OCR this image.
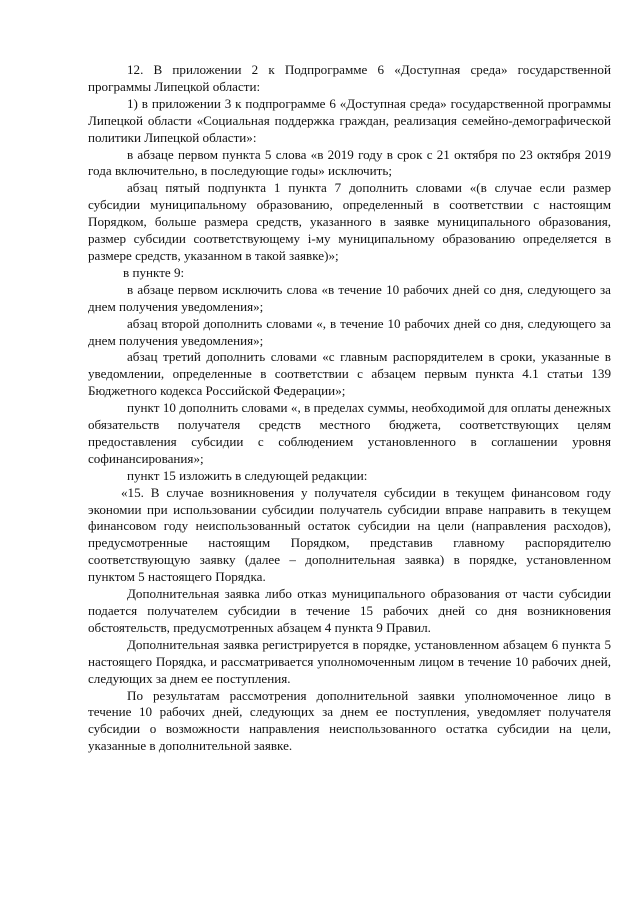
12. В приложении 2 к Подпрограмме 6 «Доступная среда» государственной программы Липецкой области:

1) в приложении 3 к подпрограмме 6 «Доступная среда» государственной программы Липецкой области «Социальная поддержка граждан, реализация семейно-демографической политики Липецкой области»:

в абзаце первом пункта 5 слова «в 2019 году в срок с 21 октября по 23 октября 2019 года включительно, в последующие годы» исключить;

абзац пятый подпункта 1 пункта 7 дополнить словами «(в случае если размер субсидии муниципальному образованию, определенный в соответствии с настоящим Порядком, больше размера средств, указанного в заявке муниципального образования, размер субсидии соответствующему i-му муниципальному образованию определяется в размере средств, указанном в такой заявке)»;

в пункте 9:

в абзаце первом исключить слова «в течение 10 рабочих дней со дня, следующего за днем получения уведомления»;

абзац второй дополнить словами «, в течение 10 рабочих дней со дня, следующего за днем получения уведомления»;

абзац третий дополнить словами «с главным распорядителем в сроки, указанные в уведомлении, определенные в соответствии с абзацем первым пункта 4.1 статьи 139 Бюджетного кодекса Российской Федерации»;

пункт 10 дополнить словами «, в пределах суммы, необходимой для оплаты денежных обязательств получателя средств местного бюджета, соответствующих целям предоставления субсидии с соблюдением установленного в соглашении уровня софинансирования»;

пункт 15 изложить в следующей редакции:

«15. В случае возникновения у получателя субсидии в текущем финансовом году экономии при использовании субсидии получатель субсидии вправе направить в текущем финансовом году неиспользованный остаток субсидии на цели (направления расходов), предусмотренные настоящим Порядком, представив главному распорядителю соответствующую заявку (далее – дополнительная заявка) в порядке, установленном пунктом 5 настоящего Порядка.

Дополнительная заявка либо отказ муниципального образования от части субсидии подается получателем субсидии в течение 15 рабочих дней со дня возникновения обстоятельств, предусмотренных абзацем 4 пункта 9 Правил.

Дополнительная заявка регистрируется в порядке, установленном абзацем 6 пункта 5 настоящего Порядка, и рассматривается уполномоченным лицом в течение 10 рабочих дней, следующих за днем ее поступления.

По результатам рассмотрения дополнительной заявки уполномоченное лицо в течение 10 рабочих дней, следующих за днем ее поступления, уведомляет получателя субсидии о возможности направления неиспользованного остатка субсидии на цели, указанные в дополнительной заявке.
